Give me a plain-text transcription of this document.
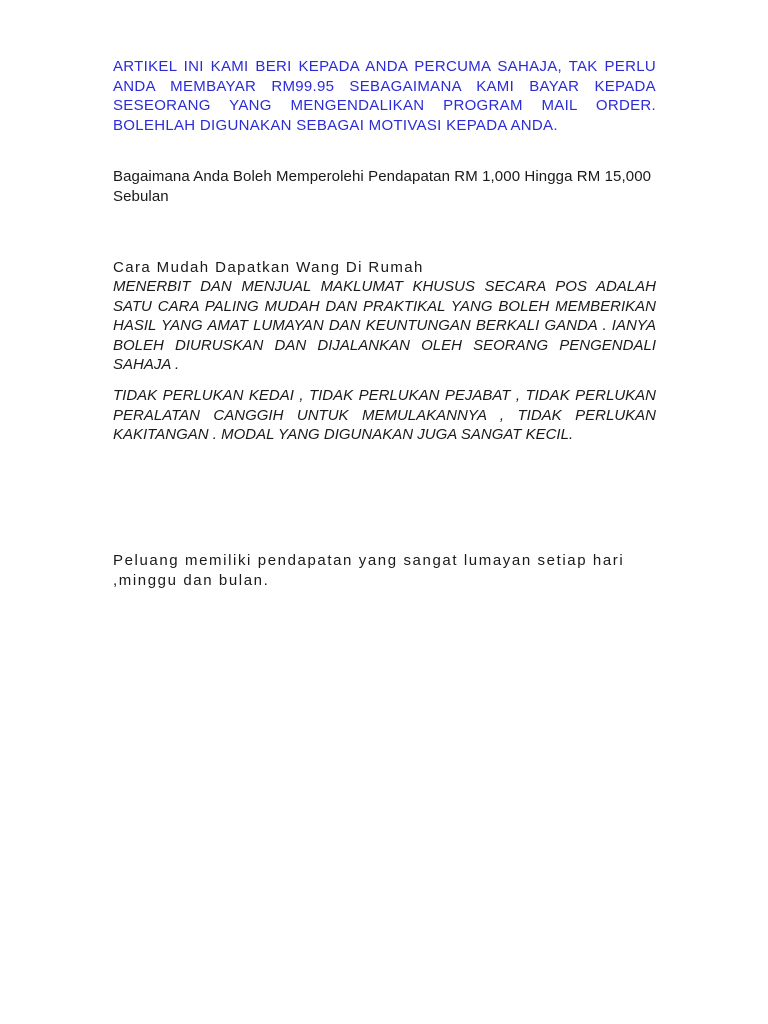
ARTIKEL INI KAMI BERI KEPADA ANDA PERCUMA SAHAJA, TAK PERLU ANDA MEMBAYAR RM99.95 SEBAGAIMANA KAMI BAYAR KEPADA SESEORANG YANG MENGENDALIKAN PROGRAM MAIL ORDER. BOLEHLAH DIGUNAKAN SEBAGAI MOTIVASI KEPADA ANDA.

Bagaimana Anda Boleh Memperolehi Pendapatan RM 1,000 Hingga RM 15,000 Sebulan

Cara Mudah Dapatkan Wang Di Rumah

MENERBIT DAN MENJUAL MAKLUMAT KHUSUS SECARA POS ADALAH SATU CARA PALING MUDAH DAN PRAKTIKAL YANG BOLEH MEMBERIKAN HASIL YANG AMAT LUMAYAN DAN KEUNTUNGAN BERKALI GANDA . IANYA BOLEH DIURUSKAN DAN DIJALANKAN OLEH SEORANG PENGENDALI SAHAJA .

TIDAK PERLUKAN KEDAI , TIDAK PERLUKAN PEJABAT , TIDAK PERLUKAN PERALATAN CANGGIH UNTUK MEMULAKANNYA , TIDAK PERLUKAN KAKITANGAN . MODAL YANG DIGUNAKAN JUGA SANGAT KECIL.

Peluang memiliki pendapatan yang sangat lumayan setiap hari ,minggu dan bulan.
